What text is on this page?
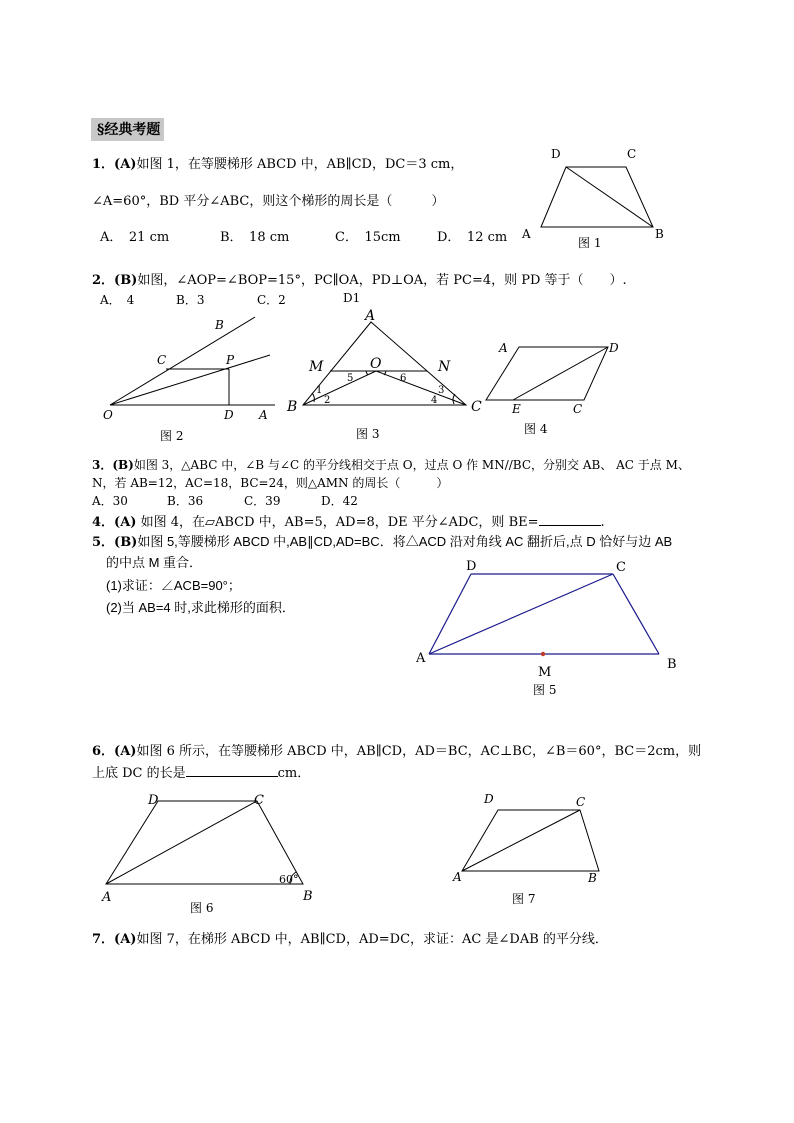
§经典考题
1．(A)如图 1，在等腰梯形 ABCD 中，AB∥CD，DC＝3 cm，
∠A=60°，BD 平分∠ABC，则这个梯形的周长是（　　　）
A．　21 cm	B．　18 cm	C．　15cm	D．　12 cm
D	C
A	B
图 1
2．(B)如图，∠AOP=∠BOP=15°，PC∥OA，PD⊥OA，若 PC=4，则 PD 等于（　　）.
A．　4	B．3	C．2	D1
B
C	P
O	D A
图 2
A
M	O	N
B	C
1
2
3
4
5	6
图 3
A	D
E	C
图 4
3．(B)如图 3，△ABC 中，∠B 与∠C 的平分线相交于点 O，过点 O 作 MN//BC，分别交 AB、 AC 于点 M、
N，若 AB=12，AC=18，BC=24，则△AMN 的周长（　　　）
A．30	B．36	C．39	D．42
4．(A) 如图 4，在▱ABCD 中，AB=5，AD=8，DE 平分∠ADC，则 BE=	.
5．(B)如图 5,等腰梯形 ABCD 中,AB∥CD,AD=BC．将△ACD 沿对角线 AC 翻折后,点 D 恰好与边 AB
的中点 M 重合．
(1)求证：∠ACB=90°；
(2)当 AB=4 时,求此梯形的面积．
D	C
A
M
B
图 5
6．(A)如图 6 所示，在等腰梯形 ABCD 中，AB∥CD，AD＝BC，AC⊥BC，∠B＝60°，BC＝2cm，则
上底 DC 的长是	cm．
D	C
A	B
60°
图 6
D	C
A	B
图 7
7．(A)如图 7，在梯形 ABCD 中，AB∥CD，AD=DC，求证：AC 是∠DAB 的平分线．
